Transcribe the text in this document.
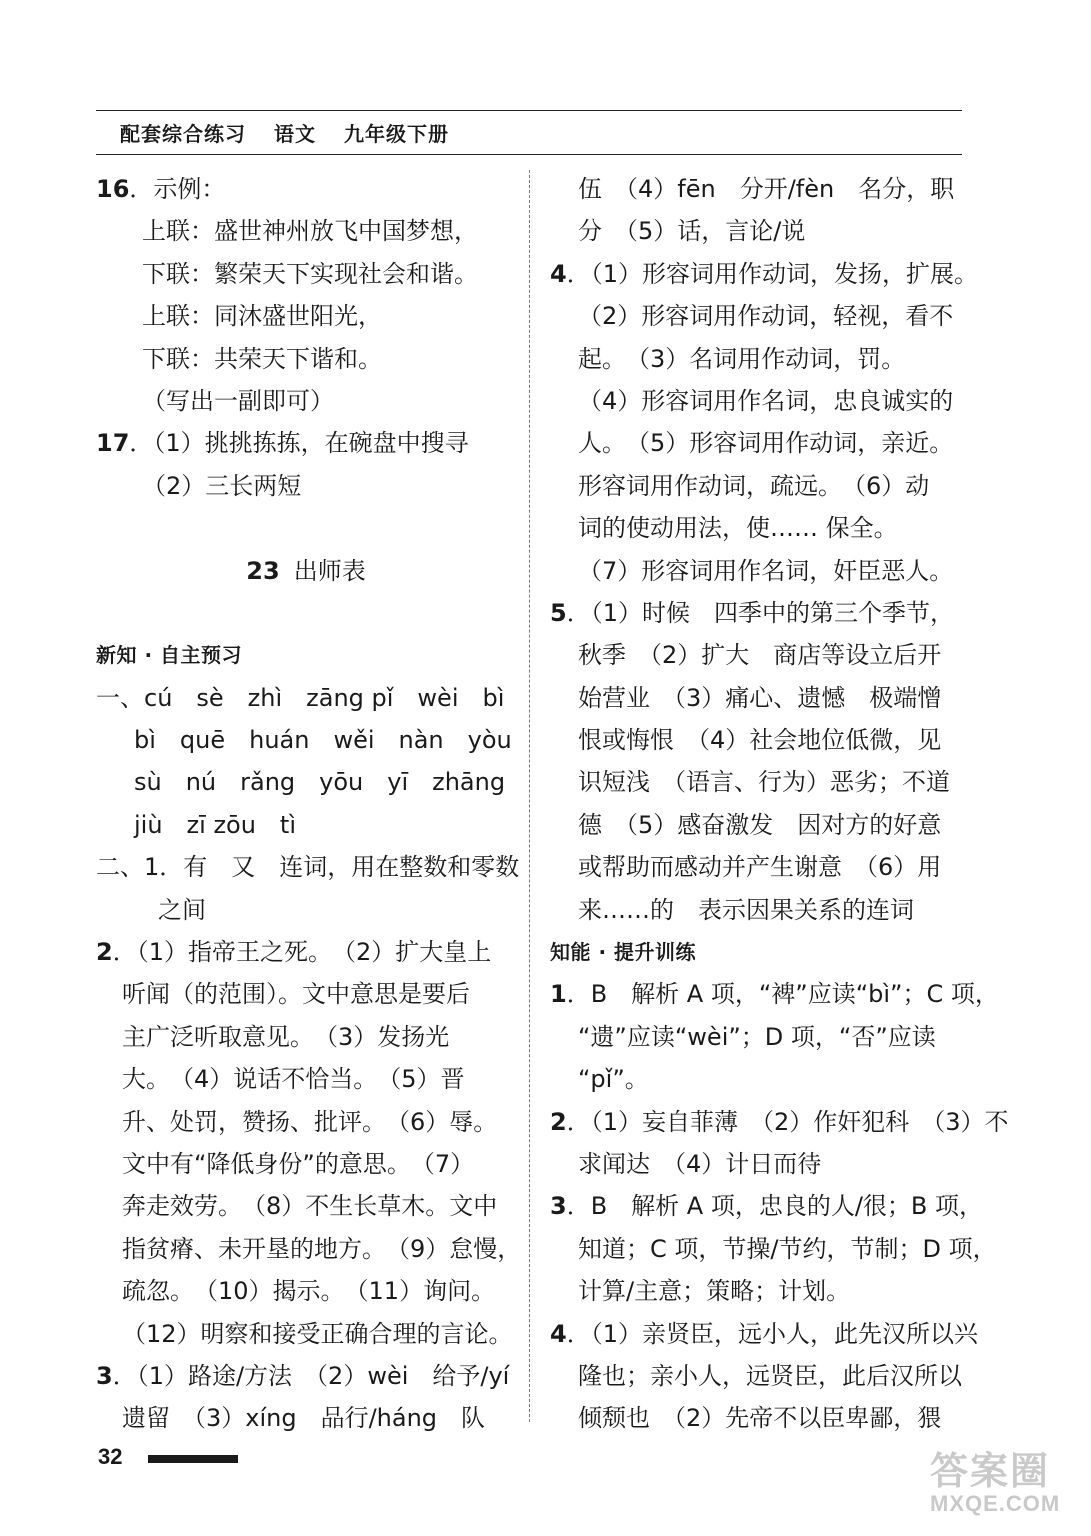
配套综合练习 语文 九年级下册
16．示例：
上联：盛世神州放飞中国梦想，
下联：繁荣天下实现社会和谐。
上联：同沐盛世阳光，
下联：共荣天下谐和。
（写出一副即可）
17．（1）挑挑拣拣，在碗盘中搜寻
（2）三长两短
23 出师表
新知 · 自主预习
一、cú　sè　zhì　zāng pǐ　wèi　bì
bì　quē　huán　wěi　nàn　yòu
sù　nú　rǎng　yōu　yī　zhāng
jiù　zī zōu　tì
二、1．有　又　连词，用在整数和零数
之间
2．（1）指帝王之死。　（2）扩大皇上
听闻（的范围）。文中意思是要后
主广泛听取意见。　（3）发扬光
大。　（4）说话不恰当。　（5）晋
升、处罚，赞扬、批评。　（6）辱。
文中有“降低身份”的意思。　（7）
奔走效劳。　（8）不生长草木。文中
指贫瘠、未开垦的地方。　（9）怠慢，
疏忽。　（10）揭示。　（11）询问。
（12）明察和接受正确合理的言论。
3．（1）路途/方法　（2）wèi　给予/yí
遗留　（3）xíng　品行/háng　队
伍　（4）fēn　分开/fèn　名分，职
分　（5）话，言论/说
4．（1）形容词用作动词，发扬，扩展。
（2）形容词用作动词，轻视，看不
起。　（3）名词用作动词，罚。
（4）形容词用作名词，忠良诚实的
人。　（5）形容词用作动词，亲近。
形容词用作动词，疏远。　（6）动
词的使动用法，使…… 保全。
（7）形容词用作名词，奸臣恶人。
5．（1）时候　四季中的第三个季节，
秋季　（2）扩大　商店等设立后开
始营业　（3）痛心、遗憾　极端憎
恨或悔恨　（4）社会地位低微，见
识短浅　（语言、行为）恶劣；不道
德　（5）感奋激发　因对方的好意
或帮助而感动并产生谢意　（6）用
来……的　表示因果关系的连词
知能 · 提升训练
1．B　解析 A 项，“裨”应读“bì”；C 项，
“遗”应读“wèi”；D 项，“否”应读
“pǐ”。
2．（1）妄自菲薄　（2）作奸犯科　（3）不
求闻达　（4）计日而待
3．B　解析 A 项，忠良的人/很；B 项，
知道；C 项，节操/节约，节制；D 项，
计算/主意；策略；计划。
4．（1）亲贤臣，远小人，此先汉所以兴
隆也；亲小人，远贤臣，此后汉所以
倾颓也　（2）先帝不以臣卑鄙，猥
32	答案圈
MXQE.COM
